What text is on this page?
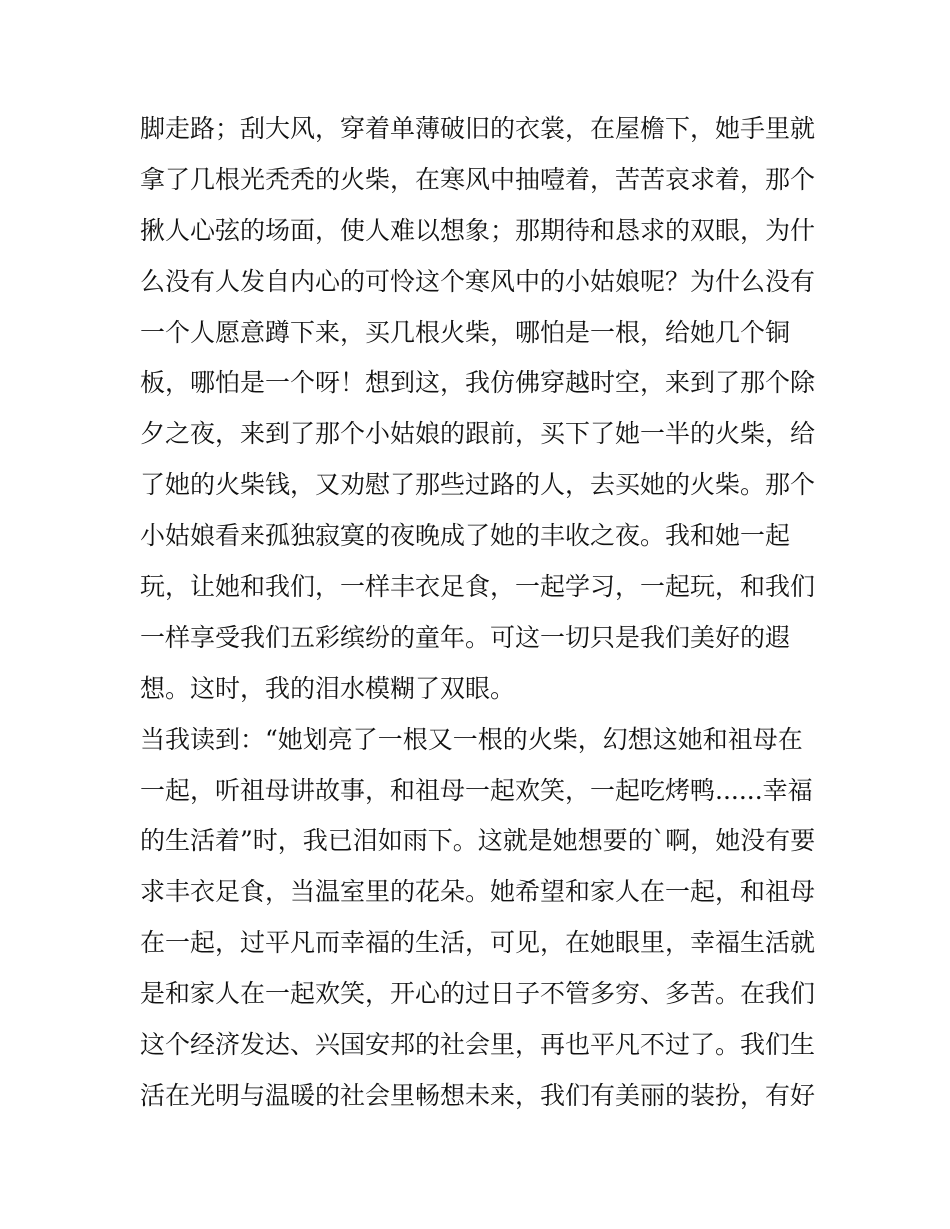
脚走路；刮大风，穿着单薄破旧的衣裳，在屋檐下，她手里就
拿了几根光秃秃的火柴，在寒风中抽噎着，苦苦哀求着，那个
揪人心弦的场面，使人难以想象；那期待和恳求的双眼，为什
么没有人发自内心的可怜这个寒风中的小姑娘呢？为什么没有
一个人愿意蹲下来，买几根火柴，哪怕是一根，给她几个铜
板，哪怕是一个呀！想到这，我仿佛穿越时空，来到了那个除
夕之夜，来到了那个小姑娘的跟前，买下了她一半的火柴，给
了她的火柴钱，又劝慰了那些过路的人，去买她的火柴。那个
小姑娘看来孤独寂寞的夜晚成了她的丰收之夜。我和她一起
玩，让她和我们，一样丰衣足食，一起学习，一起玩，和我们
一样享受我们五彩缤纷的童年。可这一切只是我们美好的遐
想。这时，我的泪水模糊了双眼。
当我读到：“她划亮了一根又一根的火柴，幻想这她和祖母在
一起，听祖母讲故事，和祖母一起欢笑，一起吃烤鸭......幸福
的生活着”时，我已泪如雨下。这就是她想要的`啊，她没有要
求丰衣足食，当温室里的花朵。她希望和家人在一起，和祖母
在一起，过平凡而幸福的生活，可见，在她眼里，幸福生活就
是和家人在一起欢笑，开心的过日子不管多穷、多苦。在我们
这个经济发达、兴国安邦的社会里，再也平凡不过了。我们生
活在光明与温暖的社会里畅想未来，我们有美丽的装扮，有好
